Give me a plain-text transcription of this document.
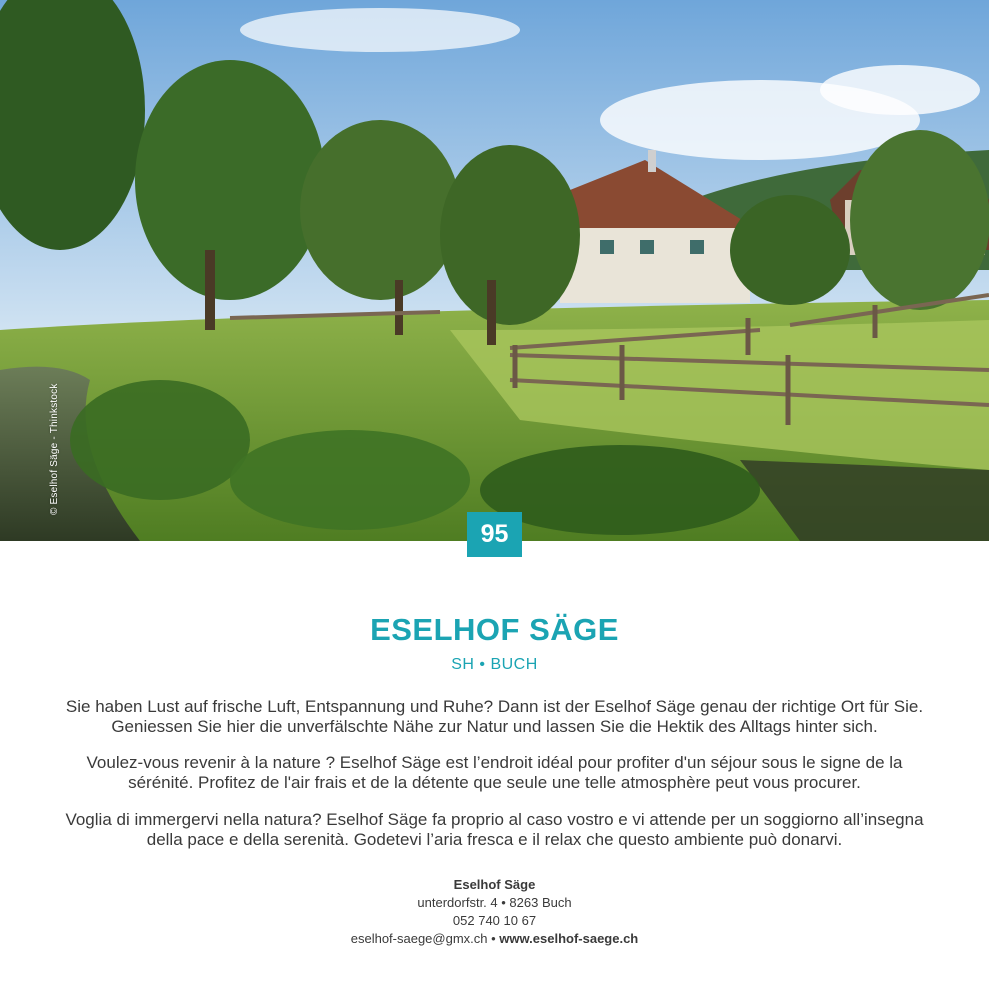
© Eselhof Säge - Thinkstock
95
ESELHOF SÄGE
SH • BUCH
Sie haben Lust auf frische Luft, Entspannung und Ruhe? Dann ist der Eselhof Säge genau der richtige Ort für Sie. Geniessen Sie hier die unverfälschte Nähe zur Natur und lassen Sie die Hektik des Alltags hinter sich.
Voulez-vous revenir à la nature ? Eselhof Säge est l’endroit idéal pour profiter d'un séjour sous le signe de la sérénité. Profitez de l'air frais et de la détente que seule une telle atmosphère peut vous procurer.
Voglia di immergervi nella natura? Eselhof Säge fa proprio al caso vostro e vi attende per un soggiorno all’insegna della pace e della serenità. Godetevi l’aria fresca e il relax che questo ambiente può donarvi.
Eselhof Säge
unterdorfstr. 4 • 8263 Buch
052 740 10 67
eselhof-saege@gmx.ch • www.eselhof-saege.ch
